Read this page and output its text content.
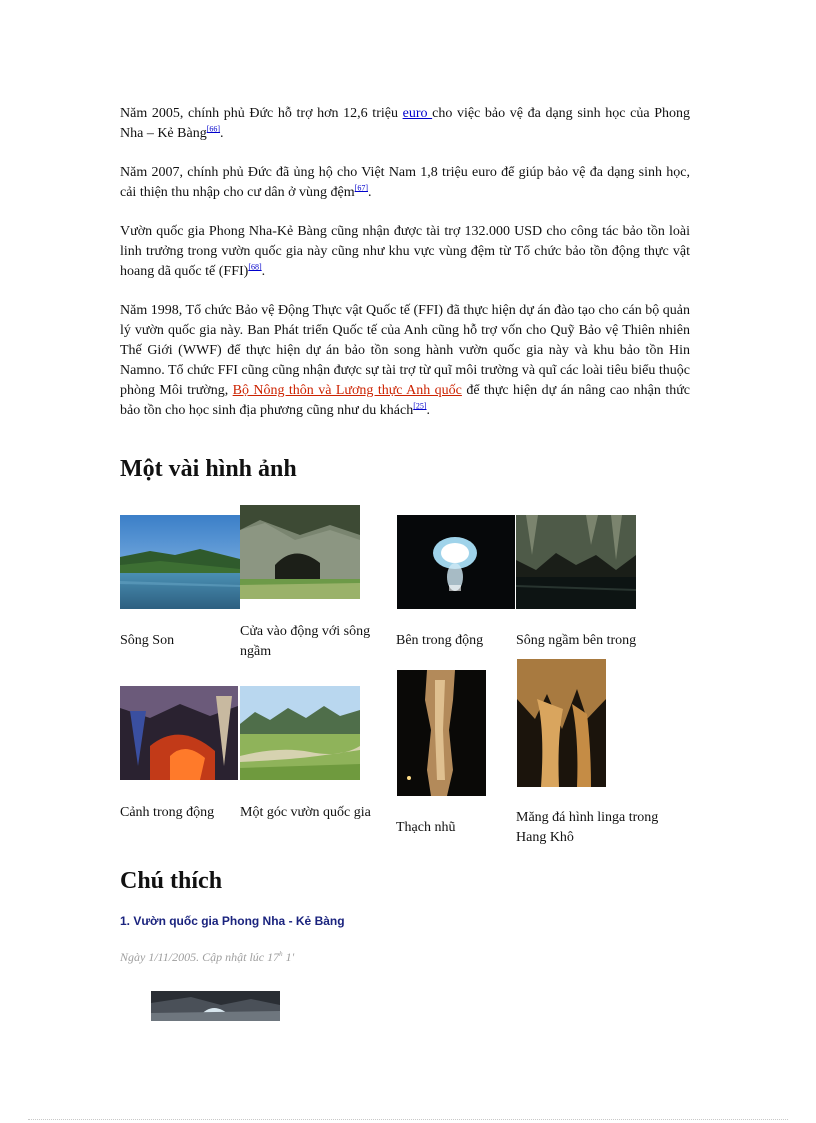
Năm 2005, chính phủ Đức hỗ trợ hơn 12,6 triệu euro cho việc bảo vệ đa dạng sinh học của Phong Nha – Kẻ Bàng[66].

Năm 2007, chính phủ Đức đã ủng hộ cho Việt Nam 1,8 triệu euro để giúp bảo vệ đa dạng sinh học, cải thiện thu nhập cho cư dân ở vùng đệm[67].

Vườn quốc gia Phong Nha-Kẻ Bàng cũng nhận được tài trợ 132.000 USD cho công tác bảo tồn loài linh trưởng trong vườn quốc gia này cũng như khu vực vùng đệm từ Tổ chức bảo tồn động thực vật hoang dã quốc tế (FFI)[68].

Năm 1998, Tổ chức Bảo vệ Động Thực vật Quốc tế (FFI) đã thực hiện dự án đào tạo cho cán bộ quản lý vườn quốc gia này. Ban Phát triển Quốc tế của Anh cũng hỗ trợ vốn cho Quỹ Bảo vệ Thiên nhiên Thế Giới (WWF) để thực hiện dự án bảo tồn song hành vườn quốc gia này và khu bảo tồn Hin Namno. Tổ chức FFI cũng cũng nhận được sự tài trợ từ quĩ môi trường và quĩ các loài tiêu biểu thuộc phòng Môi trường, Bộ Nông thôn và Lương thực Anh quốc để thực hiện dự án nâng cao nhận thức bảo tồn cho học sinh địa phương cũng như du khách[25].

Một vài hình ảnh
Sông Son
Cửa vào động với sông ngầm
Bên trong động	Sông ngầm bên trong
Cảnh trong động	Một góc vườn quốc gia
Thạch nhũ
Măng đá hình linga trong Hang Khô
Chú thích
1. Vườn quốc gia Phong Nha - Kẻ Bàng
Ngày 1/11/2005. Cập nhật lúc 17$^h$ 1'
